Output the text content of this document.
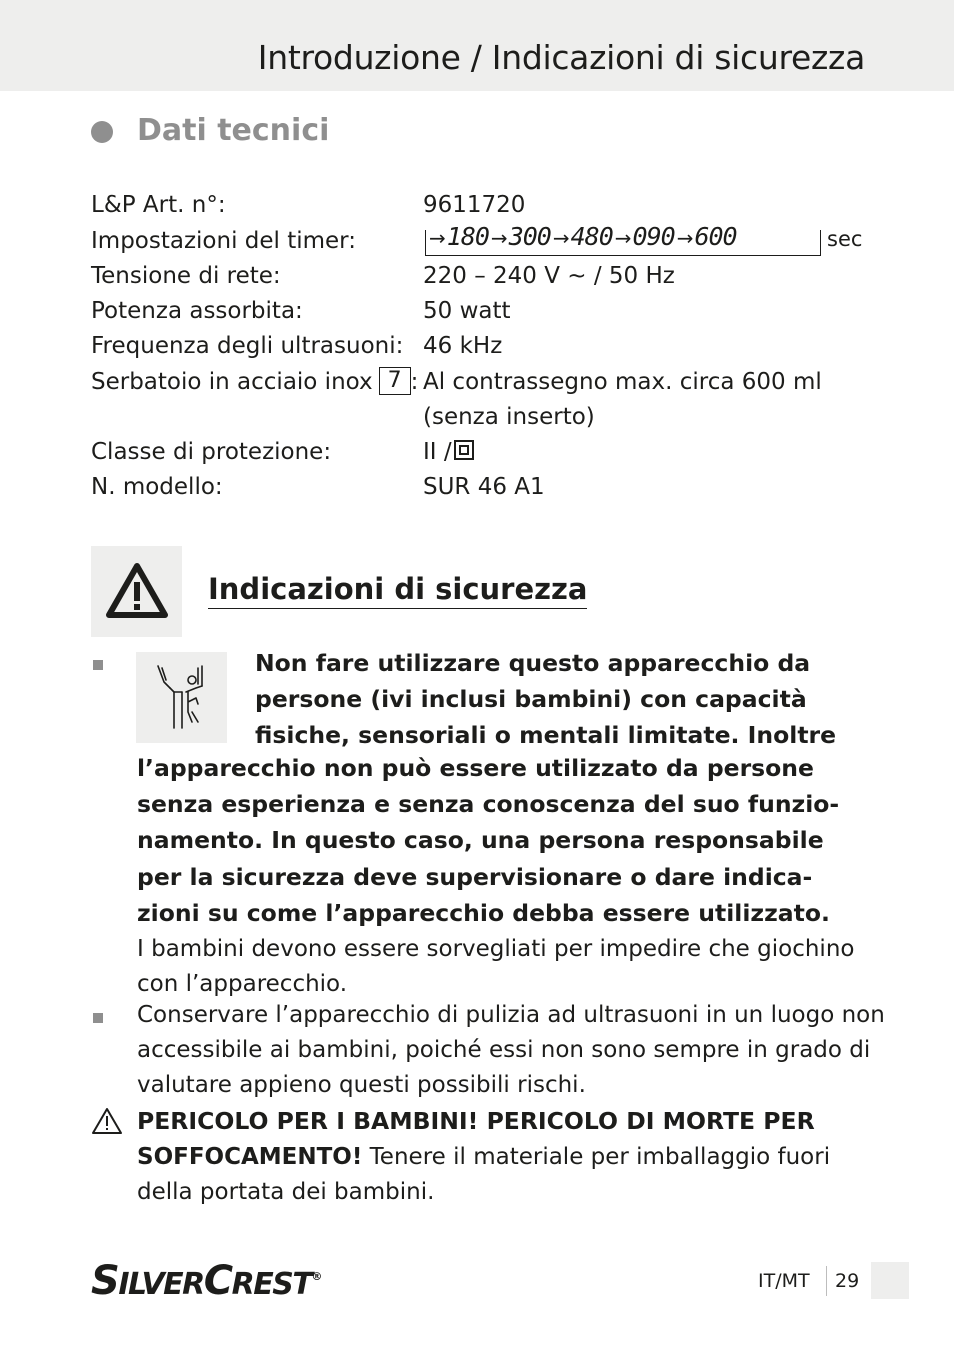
Introduzione / Indicazioni di sicurezza
Dati tecnici
L&P Art. n°:
Impostazioni del timer:
Tensione di rete:
Potenza assorbita:
Frequenza degli ultrasuoni:
Serbatoio in acciaio inox 7 :
Classe di protezione:
N. modello:
9611720
→180 →300 →480 →090 →600	sec
220 – 240 V ~ / 50 Hz
50 watt
46 kHz
Al contrassegno max. circa 600 ml
(senza inserto)
II /
SUR 46 A1
Indicazioni di sicurezza

Non fare utilizzare questo apparecchio da
persone (ivi inclusi bambini) con capacità
fisiche, sensoriali o mentali limitate. Inoltre

l’apparecchio non può essere utilizzato da persone
senza esperienza e senza conoscenza del suo funzio-
namento. In questo caso, una persona responsabile
per la sicurezza deve supervisionare o dare indica-
zioni su come l’apparecchio debba essere utilizzato.
I bambini devono essere sorvegliati per impedire che giochino
con l’apparecchio.

Conservare l’apparecchio di pulizia ad ultrasuoni in un luogo non
accessibile ai bambini, poiché essi non sono sempre in grado di
valutare appieno questi possibili rischi.

PERICOLO PER I BAMBINI! PERICOLO DI MORTE PER
SOFFOCAMENTO! Tenere il materiale per imballaggio fuori
della portata dei bambini.

SILVERCREST®	IT/MT 29
